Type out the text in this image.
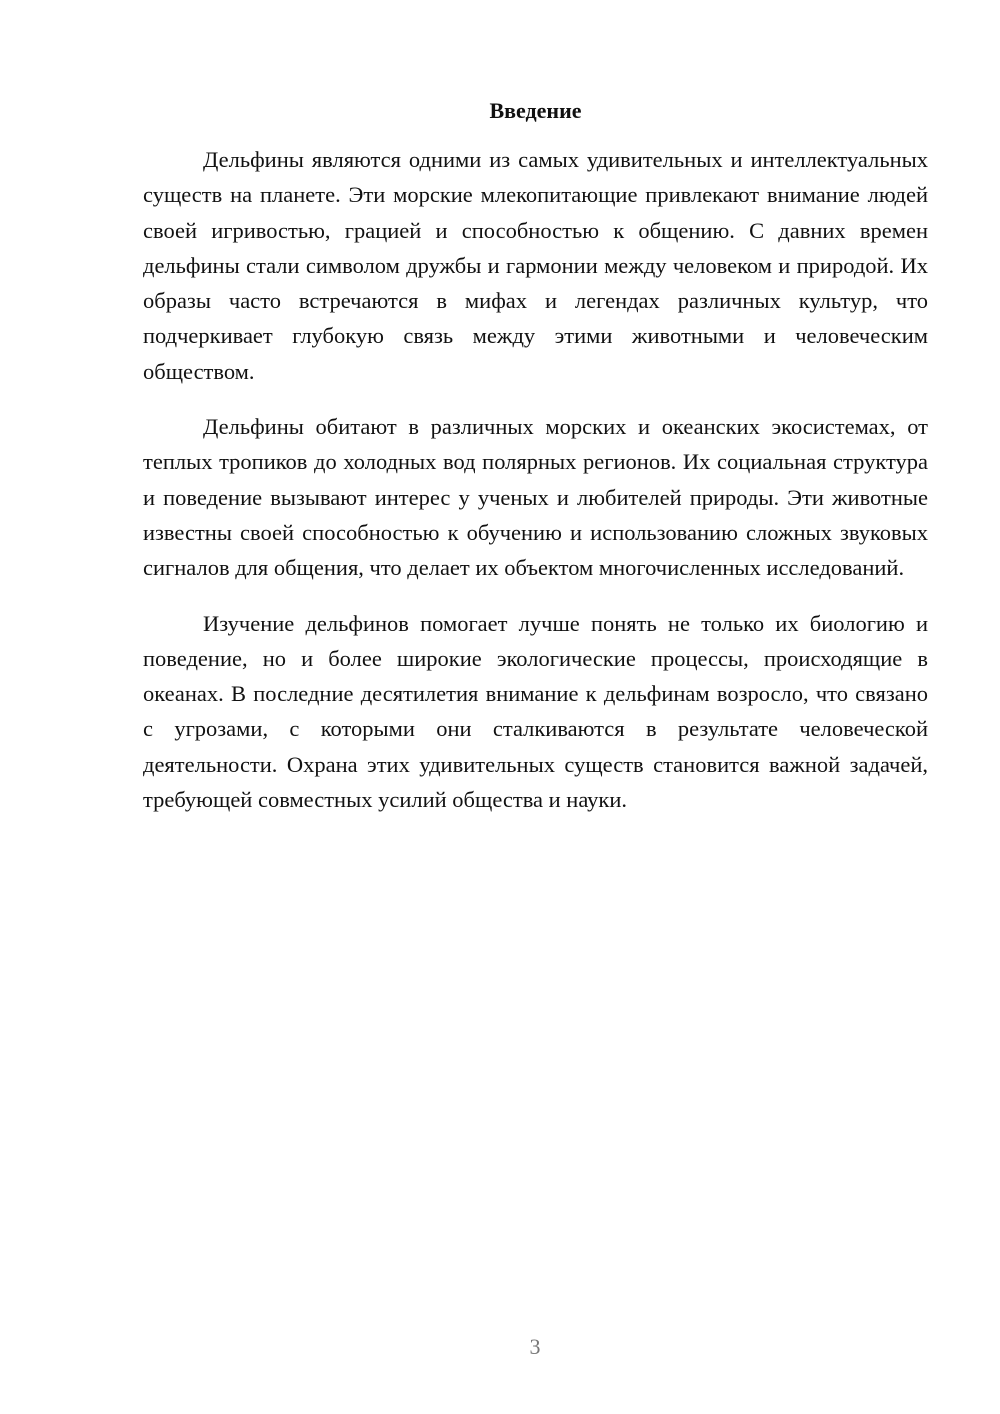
Введение

Дельфины являются одними из самых удивительных и интеллектуальных существ на планете. Эти морские млекопитающие привлекают внимание людей своей игривостью, грацией и способностью к общению. С давних времен дельфины стали символом дружбы и гармонии между человеком и природой. Их образы часто встречаются в мифах и легендах различных культур, что подчеркивает глубокую связь между этими животными и человеческим обществом.

Дельфины обитают в различных морских и океанских экосистемах, от теплых тропиков до холодных вод полярных регионов. Их социальная структура и поведение вызывают интерес у ученых и любителей природы. Эти животные известны своей способностью к обучению и использованию сложных звуковых сигналов для общения, что делает их объектом многочисленных исследований.

Изучение дельфинов помогает лучше понять не только их биологию и поведение, но и более широкие экологические процессы, происходящие в океанах. В последние десятилетия внимание к дельфинам возросло, что связано с угрозами, с которыми они сталкиваются в результате человеческой деятельности. Охрана этих удивительных существ становится важной задачей, требующей совместных усилий общества и науки.

3
